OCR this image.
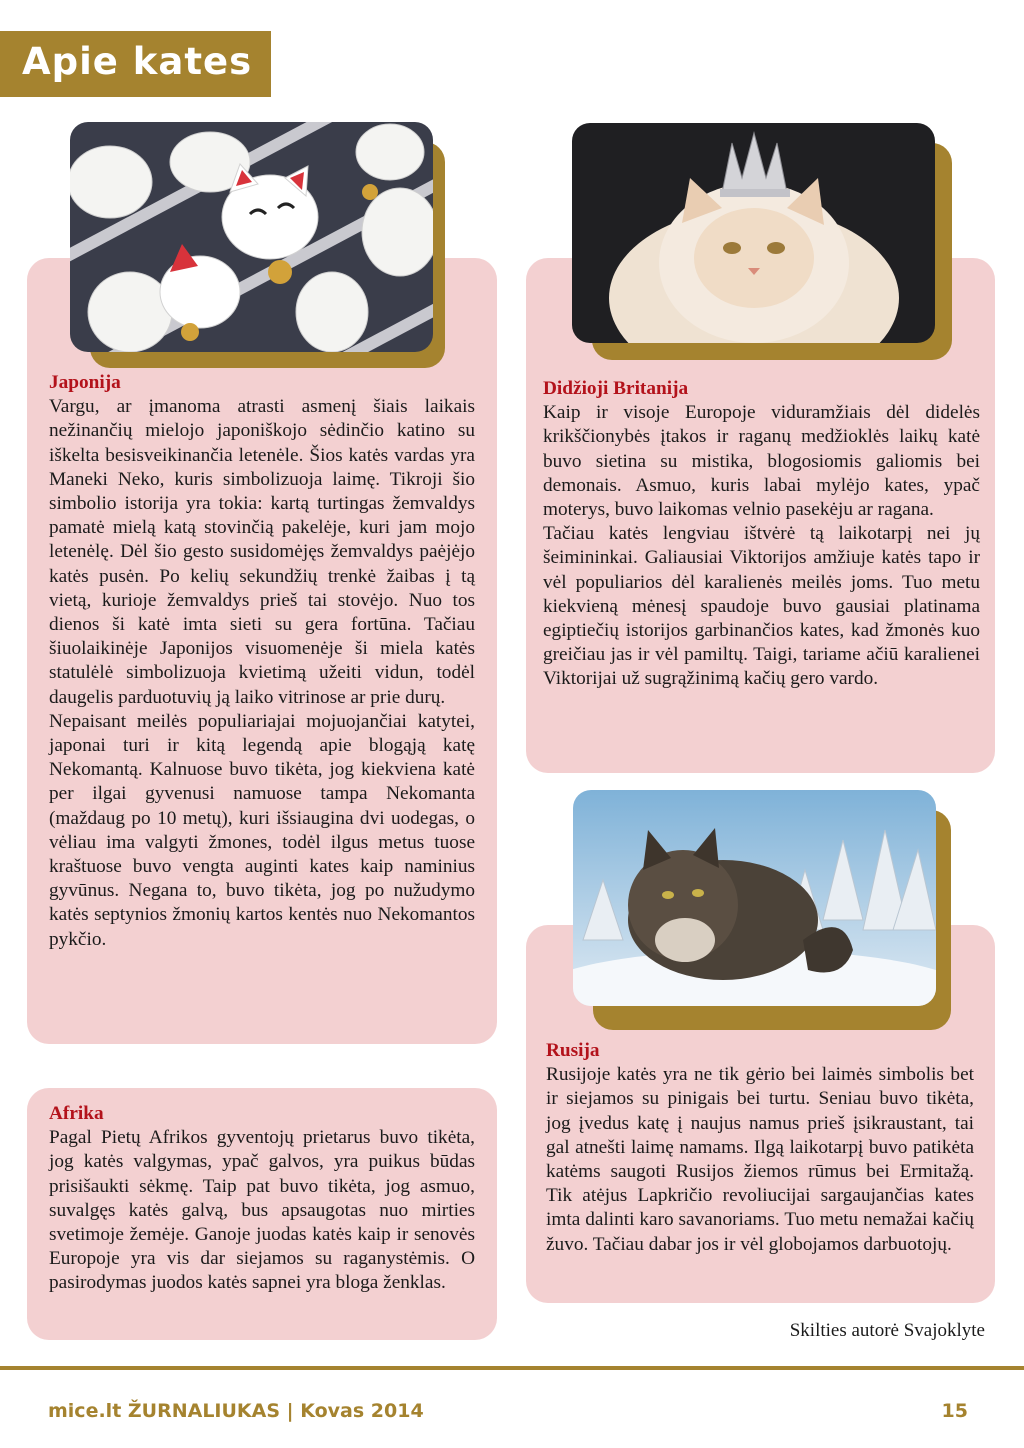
Apie kates
Japonija

Vargu, ar įmanoma atrasti asmenį šiais laikais nežinančių mielojo japoniškojo sėdinčio katino su iškelta besisveikinančia letenėle. Šios katės vardas yra Maneki Neko, kuris simbolizuoja laimę. Tikroji šio simbolio istorija yra tokia: kartą turtingas žemvaldys pamatė mielą katą stovinčią pakelėje, kuri jam mojo letenėlę. Dėl šio gesto susidomėjęs žemvaldys paėjėjo katės pusėn. Po kelių sekundžių trenkė žaibas į tą vietą, kurioje žemvaldys prieš tai stovėjo. Nuo tos dienos ši katė imta sieti su gera fortūna. Tačiau šiuolaikinėje Japonijos visuomenėje ši miela katės statulėlė simbolizuoja kvietimą užeiti vidun, todėl daugelis parduotuvių ją laiko vitrinose ar prie durų.

Nepaisant meilės populiariajai mojuojančiai katytei, japonai turi ir kitą legendą apie blogąją katę Nekomantą. Kalnuose buvo tikėta, jog kiekviena katė per ilgai gyvenusi namuose tampa Nekomanta (maždaug po 10 metų), kuri išsiaugina dvi uodegas, o vėliau ima valgyti žmones, todėl ilgus metus tuose kraštuose buvo vengta auginti kates kaip naminius gyvūnus. Negana to, buvo tikėta, jog po nužudymo katės septynios žmonių kartos kentės nuo Nekomantos pykčio.

Didžioji Britanija

Kaip ir visoje Europoje viduramžiais dėl didelės krikščionybės įtakos ir raganų medžioklės laikų katė buvo sietina su mistika, blogosiomis galiomis bei demonais. Asmuo, kuris labai mylėjo kates, ypač moterys, buvo laikomas velnio pasekėju ar ragana.

Tačiau katės lengviau ištvėrė tą laikotarpį nei jų šeimininkai. Galiausiai Viktorijos amžiuje katės tapo ir vėl populiarios dėl karalienės meilės joms. Tuo metu kiekvieną mėnesį spaudoje buvo gausiai platinama egiptiečių istorijos garbinančios kates, kad žmonės kuo greičiau jas ir vėl pamiltų. Taigi, tariame ačiū karalienei Viktorijai už sugrąžinimą kačių gero vardo.

Afrika

Pagal Pietų Afrikos gyventojų prietarus buvo tikėta, jog katės valgymas, ypač galvos, yra puikus būdas prisišaukti sėkmę. Taip pat buvo tikėta, jog asmuo, suvalgęs katės galvą, bus apsaugotas nuo mirties svetimoje žemėje. Ganoje juodas katės kaip ir senovės Europoje yra vis dar siejamos su raganystėmis. O pasirodymas juodos katės sapnei yra bloga ženklas.

Rusija

Rusijoje katės yra ne tik gėrio bei laimės simbolis bet ir siejamos su pinigais bei turtu. Seniau buvo tikėta, jog įvedus katę į naujus namus prieš įsikraustant, tai gal atnešti laimę namams. Ilgą laikotarpį buvo patikėta katėms saugoti Rusijos žiemos rūmus bei Ermitažą. Tik atėjus Lapkričio revoliucijai sargaujančias kates imta dalinti karo savanoriams. Tuo metu nemažai kačių žuvo. Tačiau dabar jos ir vėl globojamos darbuotojų.

Skilties autorė Svajoklyte
mice.lt ŽURNALIUKAS | Kovas 2014	15
